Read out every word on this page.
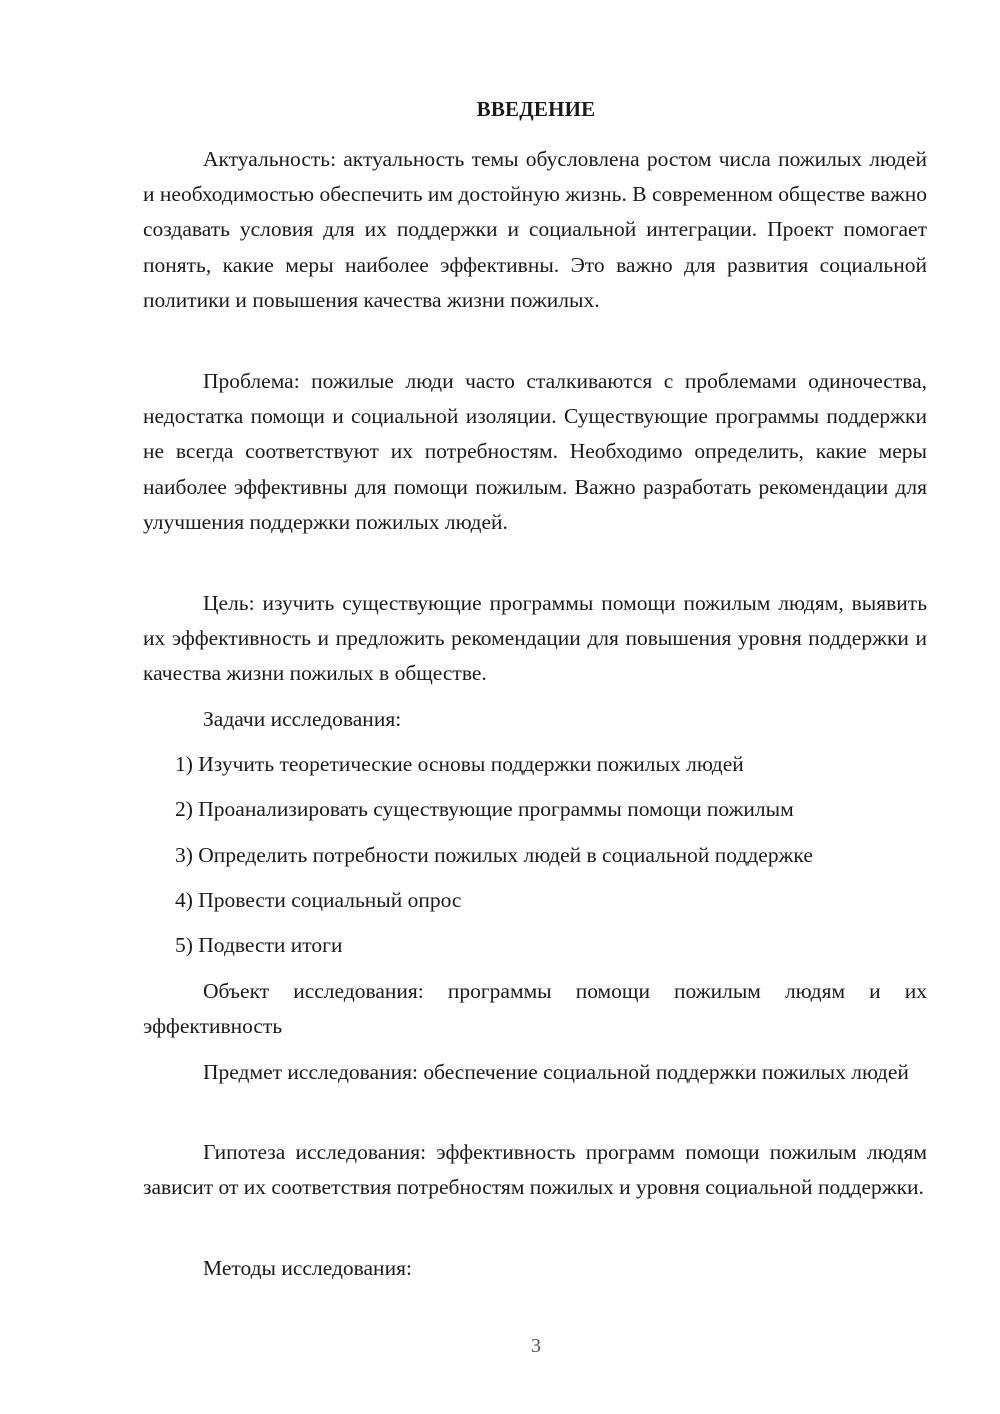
ВВЕДЕНИЕ

Актуальность: актуальность темы обусловлена ростом числа пожилых людей и необходимостью обеспечить им достойную жизнь. В современном обществе важно создавать условия для их поддержки и социальной интеграции. Проект помогает понять, какие меры наиболее эффективны. Это важно для развития социальной политики и повышения качества жизни пожилых.

Проблема: пожилые люди часто сталкиваются с проблемами одиночества, недостатка помощи и социальной изоляции. Существующие программы поддержки не всегда соответствуют их потребностям. Необходимо определить, какие меры наиболее эффективны для помощи пожилым. Важно разработать рекомендации для улучшения поддержки пожилых людей.

Цель: изучить существующие программы помощи пожилым людям, выявить их эффективность и предложить рекомендации для повышения уровня поддержки и качества жизни пожилых в обществе.

Задачи исследования:

1) Изучить теоретические основы поддержки пожилых людей

2) Проанализировать существующие программы помощи пожилым

3) Определить потребности пожилых людей в социальной поддержке

4) Провести социальный опрос

5) Подвести итоги

Объект исследования: программы помощи пожилым людям и их эффективность

Предмет исследования: обеспечение социальной поддержки пожилых людей

Гипотеза исследования: эффективность программ помощи пожилым людям зависит от их соответствия потребностям пожилых и уровня социальной поддержки.

Методы исследования:

3
